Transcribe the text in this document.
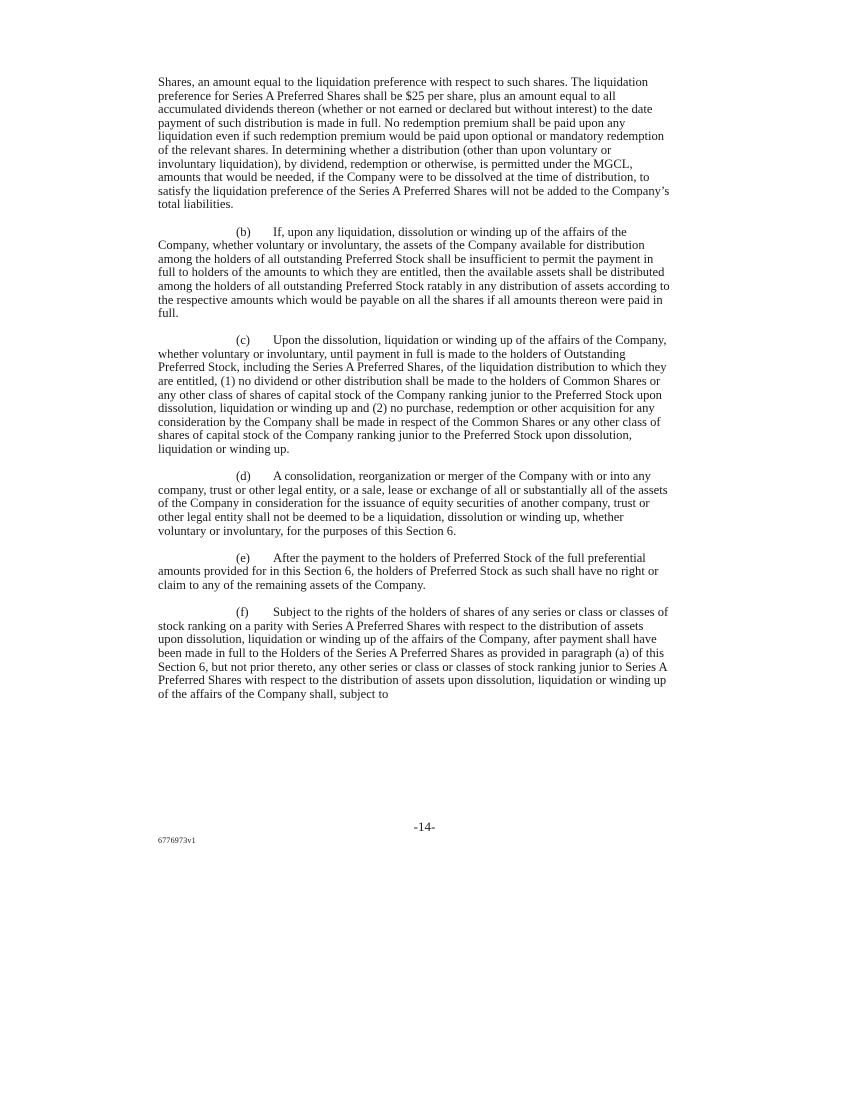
Shares, an amount equal to the liquidation preference with respect to such shares. The liquidation preference for Series A Preferred Shares shall be $25 per share, plus an amount equal to all accumulated dividends thereon (whether or not earned or declared but without interest) to the date payment of such distribution is made in full. No redemption premium shall be paid upon any liquidation even if such redemption premium would be paid upon optional or mandatory redemption of the relevant shares. In determining whether a distribution (other than upon voluntary or involuntary liquidation), by dividend, redemption or otherwise, is permitted under the MGCL, amounts that would be needed, if the Company were to be dissolved at the time of distribution, to satisfy the liquidation preference of the Series A Preferred Shares will not be added to the Company’s total liabilities.

(b) If, upon any liquidation, dissolution or winding up of the affairs of the Company, whether voluntary or involuntary, the assets of the Company available for distribution among the holders of all outstanding Preferred Stock shall be insufficient to permit the payment in full to holders of the amounts to which they are entitled, then the available assets shall be distributed among the holders of all outstanding Preferred Stock ratably in any distribution of assets according to the respective amounts which would be payable on all the shares if all amounts thereon were paid in full.

(c) Upon the dissolution, liquidation or winding up of the affairs of the Company, whether voluntary or involuntary, until payment in full is made to the holders of Outstanding Preferred Stock, including the Series A Preferred Shares, of the liquidation distribution to which they are entitled, (1) no dividend or other distribution shall be made to the holders of Common Shares or any other class of shares of capital stock of the Company ranking junior to the Preferred Stock upon dissolution, liquidation or winding up and (2) no purchase, redemption or other acquisition for any consideration by the Company shall be made in respect of the Common Shares or any other class of shares of capital stock of the Company ranking junior to the Preferred Stock upon dissolution, liquidation or winding up.

(d) A consolidation, reorganization or merger of the Company with or into any company, trust or other legal entity, or a sale, lease or exchange of all or substantially all of the assets of the Company in consideration for the issuance of equity securities of another company, trust or other legal entity shall not be deemed to be a liquidation, dissolution or winding up, whether voluntary or involuntary, for the purposes of this Section 6.

(e) After the payment to the holders of Preferred Stock of the full preferential amounts provided for in this Section 6, the holders of Preferred Stock as such shall have no right or claim to any of the remaining assets of the Company.

(f) Subject to the rights of the holders of shares of any series or class or classes of stock ranking on a parity with Series A Preferred Shares with respect to the distribution of assets upon dissolution, liquidation or winding up of the affairs of the Company, after payment shall have been made in full to the Holders of the Series A Preferred Shares as provided in paragraph (a) of this Section 6, but not prior thereto, any other series or class or classes of stock ranking junior to Series A Preferred Shares with respect to the distribution of assets upon dissolution, liquidation or winding up of the affairs of the Company shall, subject to

-14-
6776973v1
